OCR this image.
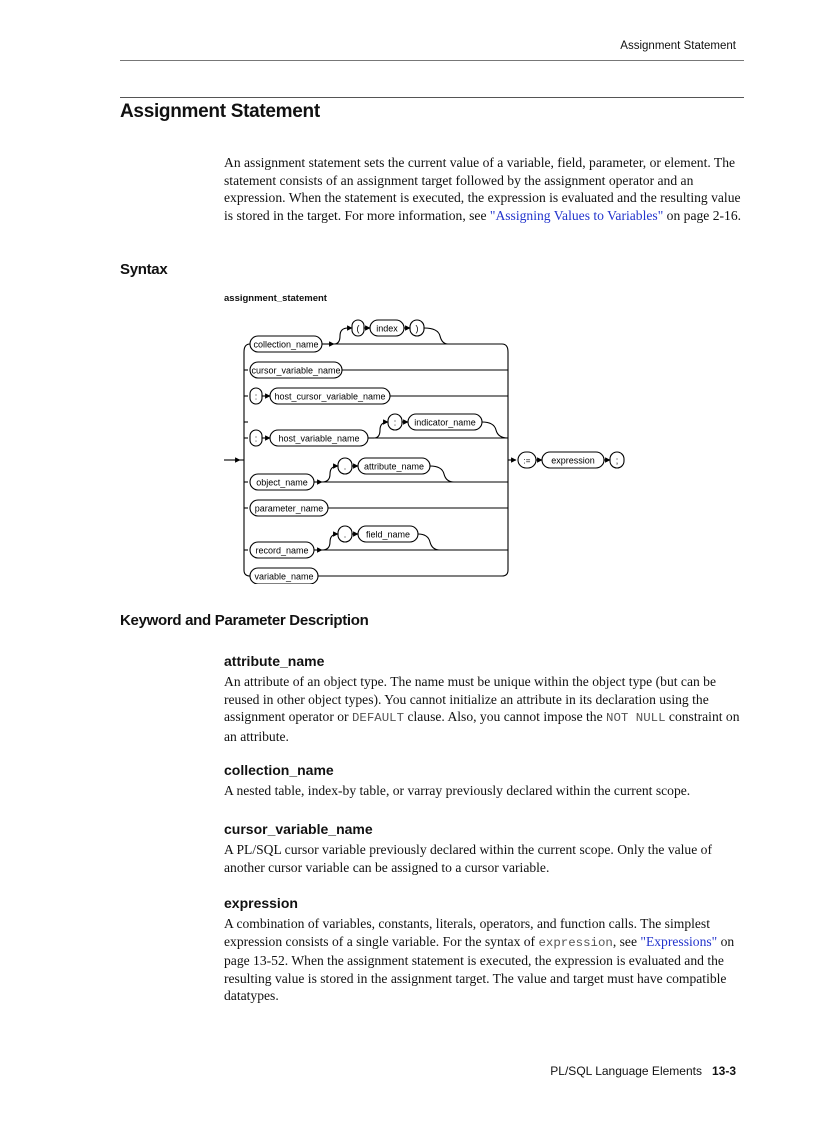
Assignment Statement
Assignment Statement

An assignment statement sets the current value of a variable, field, parameter, or element. The statement consists of an assignment target followed by the assignment operator and an expression. When the statement is executed, the expression is evaluated and the resulting value is stored in the target. For more information, see "Assigning Values to Variables" on page 2-16.

Syntax
assignment_statement
( index )
collection_name
cursor_variable_name
: host_cursor_variable_name
: indicator_name
: host_variable_name
. attribute_name
object_name
parameter_name
. field_name
record_name
variable_name
:= expression ;
Keyword and Parameter Description
attribute_name

An attribute of an object type. The name must be unique within the object type (but can be reused in other object types). You cannot initialize an attribute in its declaration using the assignment operator or DEFAULT clause. Also, you cannot impose the NOT NULL constraint on an attribute.

collection_name

A nested table, index-by table, or varray previously declared within the current scope.

cursor_variable_name

A PL/SQL cursor variable previously declared within the current scope. Only the value of another cursor variable can be assigned to a cursor variable.

expression

A combination of variables, constants, literals, operators, and function calls. The simplest expression consists of a single variable. For the syntax of expression, see "Expressions" on page 13-52. When the assignment statement is executed, the expression is evaluated and the resulting value is stored in the assignment target. The value and target must have compatible datatypes.

PL/SQL Language Elements 13-3
